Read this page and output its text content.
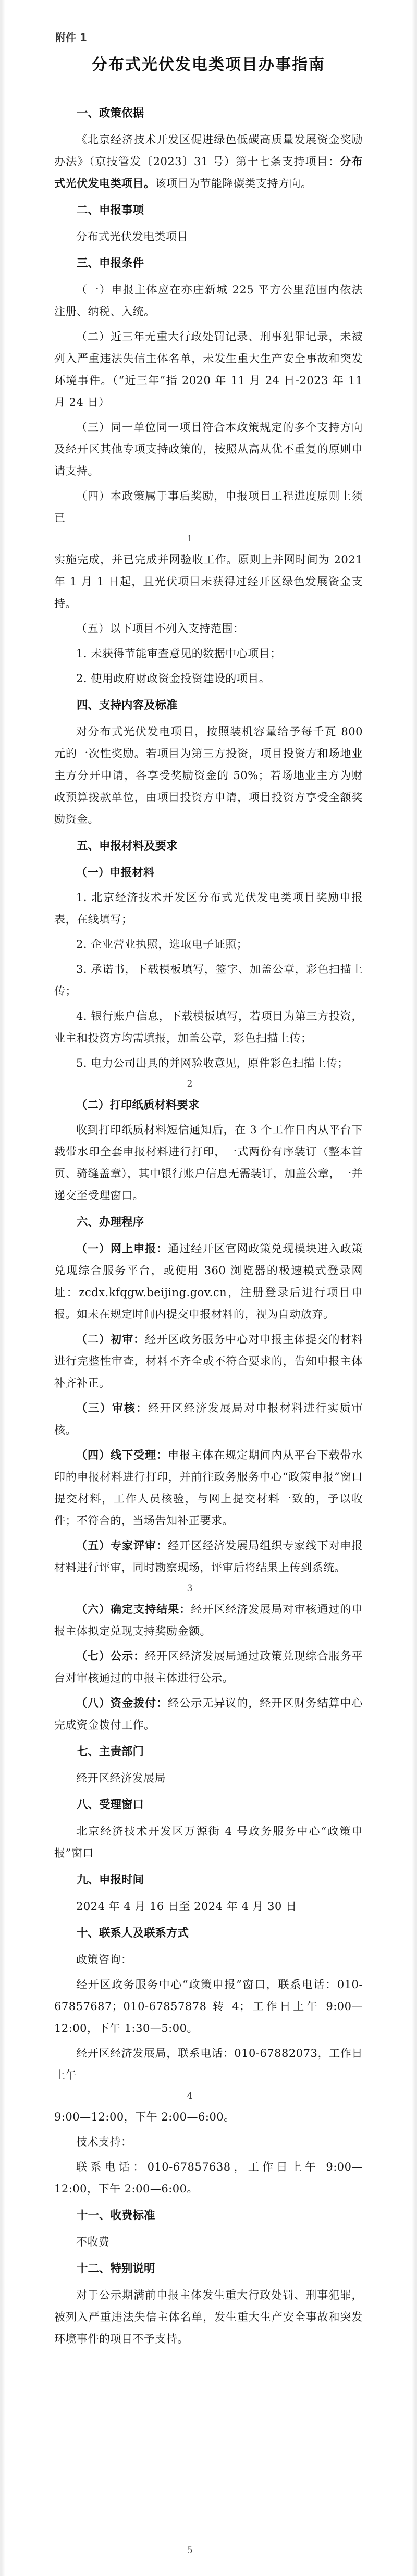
附件 1
分布式光伏发电类项目办事指南
一、政策依据

《北京经济技术开发区促进绿色低碳高质量发展资金奖励办法》（京技管发〔2023〕31 号）第十七条支持项目：分布式光伏发电类项目。该项目为节能降碳类支持方向。

二、申报事项

分布式光伏发电类项目

三、申报条件

（一）申报主体应在亦庄新城 225 平方公里范围内依法注册、纳税、入统。

（二）近三年无重大行政处罚记录、刑事犯罪记录，未被列入严重违法失信主体名单，未发生重大生产安全事故和突发环境事件。（“近三年”指 2020 年 11 月 24 日-2023 年 11 月 24 日）

（三）同一单位同一项目符合本政策规定的多个支持方向及经开区其他专项支持政策的，按照从高从优不重复的原则申请支持。

（四）本政策属于事后奖励，申报项目工程进度原则上须已

1

实施完成，并已完成并网验收工作。原则上并网时间为 2021 年 1 月 1 日起，且光伏项目未获得过经开区绿色发展资金支持。

（五）以下项目不列入支持范围：

1. 未获得节能审查意见的数据中心项目；

2. 使用政府财政资金投资建设的项目。

四、支持内容及标准

对分布式光伏发电项目，按照装机容量给予每千瓦 800 元的一次性奖励。若项目为第三方投资，项目投资方和场地业主方分开申请，各享受奖励资金的 50%；若场地业主方为财政预算拨款单位，由项目投资方申请，项目投资方享受全额奖励资金。

五、申报材料及要求

（一）申报材料

1. 北京经济技术开发区分布式光伏发电类项目奖励申报表，在线填写；

2. 企业营业执照，选取电子证照；

3. 承诺书，下载模板填写，签字、加盖公章，彩色扫描上传；

4. 银行账户信息，下载模板填写，若项目为第三方投资，业主和投资方均需填报，加盖公章，彩色扫描上传；

5. 电力公司出具的并网验收意见，原件彩色扫描上传；

2

（二）打印纸质材料要求

收到打印纸质材料短信通知后，在 3 个工作日内从平台下载带水印全套申报材料进行打印，一式两份有序装订（整本首页、骑缝盖章），其中银行账户信息无需装订，加盖公章，一并递交至受理窗口。

六、办理程序

（一）网上申报：通过经开区官网政策兑现模块进入政策兑现综合服务平台，或使用 360 浏览器的极速模式登录网址：zcdx.kfqgw.beijing.gov.cn，注册登录后进行项目申报。如未在规定时间内提交申报材料的，视为自动放弃。

（二）初审：经开区政务服务中心对申报主体提交的材料进行完整性审查，材料不齐全或不符合要求的，告知申报主体补齐补正。

（三）审核：经开区经济发展局对申报材料进行实质审核。

（四）线下受理：申报主体在规定期间内从平台下载带水印的申报材料进行打印，并前往政务服务中心“政策申报”窗口提交材料，工作人员核验，与网上提交材料一致的，予以收件；不符合的，当场告知补正要求。

（五）专家评审：经开区经济发展局组织专家线下对申报材料进行评审，同时勘察现场，评审后将结果上传到系统。

3

（六）确定支持结果：经开区经济发展局对审核通过的申报主体拟定兑现支持奖励金额。

（七）公示：经开区经济发展局通过政策兑现综合服务平台对审核通过的申报主体进行公示。

（八）资金拨付：经公示无异议的，经开区财务结算中心完成资金拨付工作。

七、主责部门

经开区经济发展局

八、受理窗口

北京经济技术开发区万源街 4 号政务服务中心“政策申报”窗口

九、申报时间

2024 年 4 月 16 日至 2024 年 4 月 30 日

十、联系人及联系方式

政策咨询：

经开区政务服务中心“政策申报”窗口，联系电话：010-67857687；010-67857878 转 4；工作日上午 9:00—12:00，下午 1:30—5:00。

经开区经济发展局，联系电话：010-67882073，工作日上午

4

9:00—12:00，下午 2:00—6:00。

技术支持：

联系电话：010-67857638，工作日上午 9:00—12:00，下午 2:00—6:00。

十一、收费标准

不收费

十二、特别说明

对于公示期满前申报主体发生重大行政处罚、刑事犯罪，被列入严重违法失信主体名单，发生重大生产安全事故和突发环境事件的项目不予支持。

5
